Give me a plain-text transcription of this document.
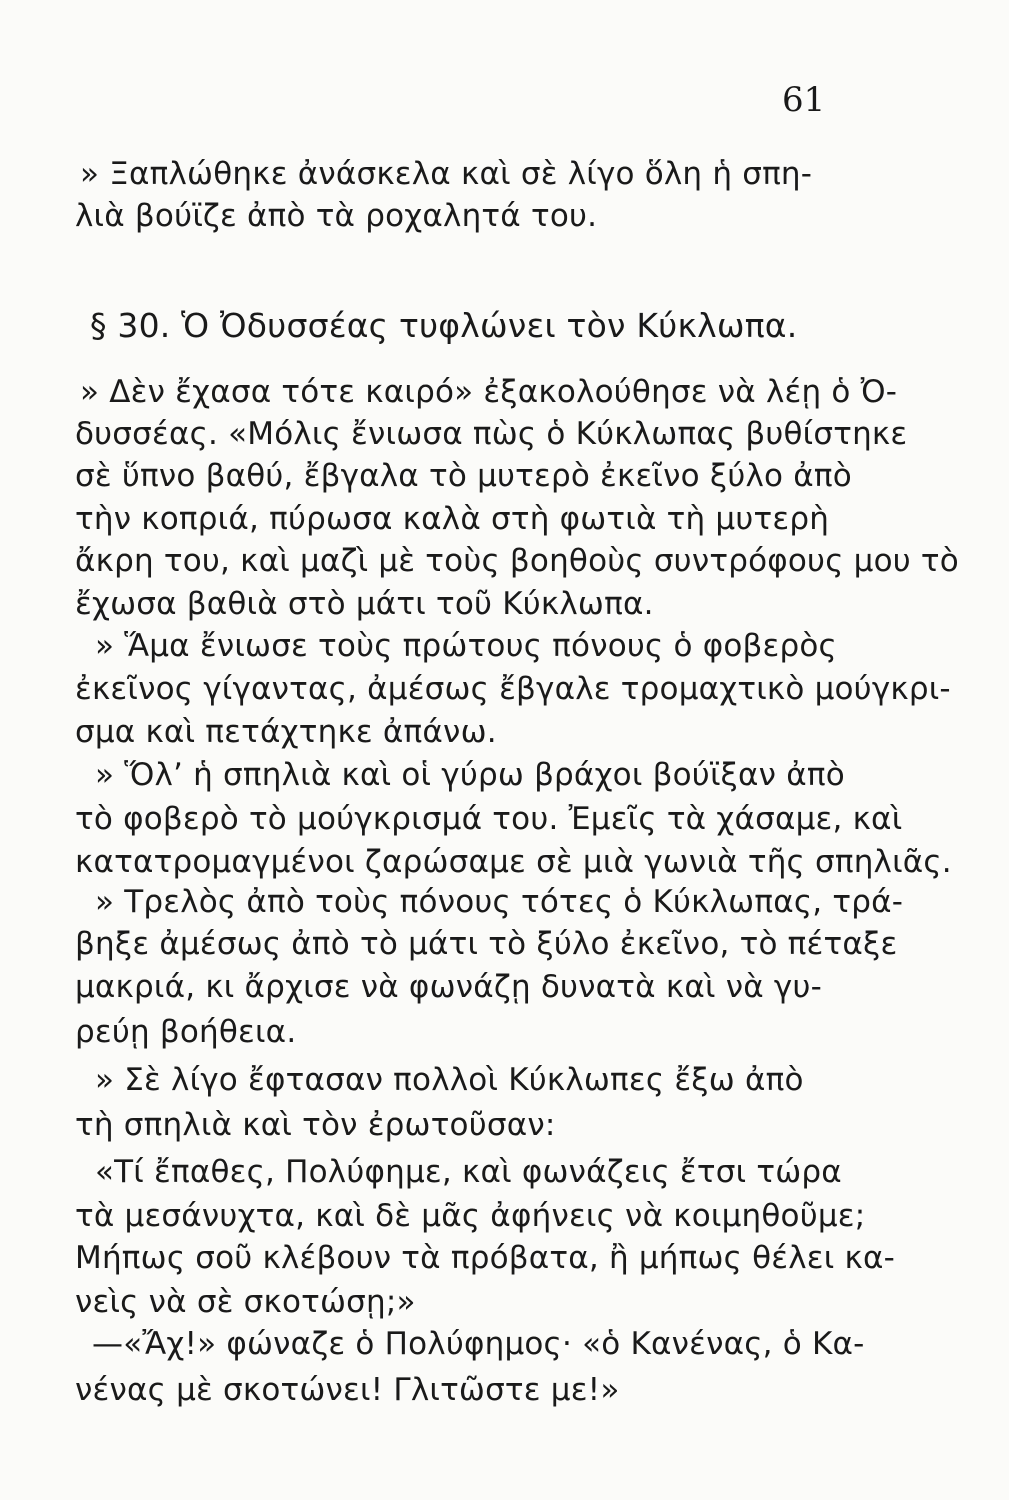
61
» Ξαπλώθηκε ἀνάσκελα καὶ σὲ λίγο ὅλη ἡ σπη-
λιὰ βούϊζε ἀπὸ τὰ ροχαλητά του.
§ 30. Ὁ Ὀδυσσέας τυφλώνει τὸν Κύκλωπα.
» Δὲν ἔχασα τότε καιρό» ἐξακολούθησε νὰ λέῃ ὁ Ὀ-
δυσσέας. «Μόλις ἔνιωσα πὼς ὁ Κύκλωπας βυθίστηκε
σὲ ὕπνο βαθύ, ἔβγαλα τὸ μυτερὸ ἐκεῖνο ξύλο ἀπὸ
τὴν κοπριά, πύρωσα καλὰ στὴ φωτιὰ τὴ μυτερὴ
ἄκρη του, καὶ μαζὶ μὲ τοὺς βοηθοὺς συντρόφους μου τὸ
ἔχωσα βαθιὰ στὸ μάτι τοῦ Κύκλωπα.
» Ἅμα ἔνιωσε τοὺς πρώτους πόνους ὁ φοβερὸς
ἐκεῖνος γίγαντας, ἀμέσως ἔβγαλε τρομαχτικὸ μούγκρι-
σμα καὶ πετάχτηκε ἀπάνω.
» Ὅλ’ ἡ σπηλιὰ καὶ οἱ γύρω βράχοι βούϊξαν ἀπὸ
τὸ φοβερὸ τὸ μούγκρισμά του. Ἐμεῖς τὰ χάσαμε, καὶ
κατατρομαγμένοι ζαρώσαμε σὲ μιὰ γωνιὰ τῆς σπηλιᾶς.
» Τρελὸς ἀπὸ τοὺς πόνους τότες ὁ Κύκλωπας, τρά-
βηξε ἀμέσως ἀπὸ τὸ μάτι τὸ ξύλο ἐκεῖνο, τὸ πέταξε
μακριά, κι ἄρχισε νὰ φωνάζῃ δυνατὰ καὶ νὰ γυ-
ρεύῃ βοήθεια.
» Σὲ λίγο ἔφτασαν πολλοὶ Κύκλωπες ἔξω ἀπὸ
τὴ σπηλιὰ καὶ τὸν ἐρωτοῦσαν:
«Τί ἔπαθες, Πολύφημε, καὶ φωνάζεις ἔτσι τώρα
τὰ μεσάνυχτα, καὶ δὲ μᾶς ἀφήνεις νὰ κοιμηθοῦμε;
Μήπως σοῦ κλέβουν τὰ πρόβατα, ἢ μήπως θέλει κα-
νεὶς νὰ σὲ σκοτώσῃ;»
—«Ἄχ!» φώναζε ὁ Πολύφημος· «ὁ Κανένας, ὁ Κα-
νένας μὲ σκοτώνει! Γλιτῶστε με!»
